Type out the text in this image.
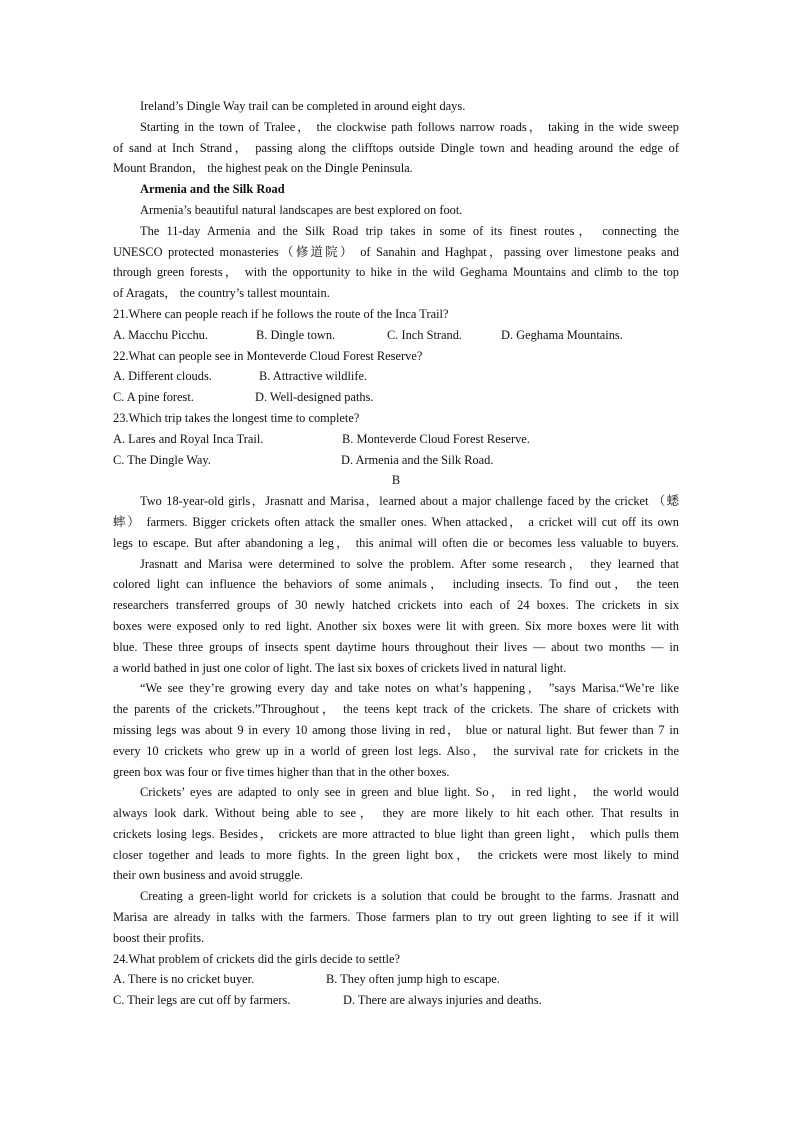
Ireland’s Dingle Way trail can be completed in around eight days.
Starting in the town of Tralee， the clockwise path follows narrow roads， taking in the wide sweep
of sand at Inch Strand， passing along the clifftops outside Dingle town and heading around the edge of
Mount Brandon， the highest peak on the Dingle Peninsula.
Armenia and the Silk Road
Armenia’s beautiful natural landscapes are best explored on foot.
The 11-day Armenia and the Silk Road trip takes in some of its finest routes， connecting the
UNESCO protected monasteries（修道院） of Sanahin and Haghpat，passing over limestone peaks and
through green forests， with the opportunity to hike in the wild Geghama Mountains and climb to the top
of Aragats， the country’s tallest mountain.
21.Where can people reach if he follows the route of the Inca Trail?
A. Macchu Picchu.	B. Dingle town.	C. Inch Strand.	D. Geghama Mountains.
22.What can people see in Monteverde Cloud Forest Reserve?
A. Different clouds.	B. Attractive wildlife.
C. A pine forest.	D. Well-designed paths.
23.Which trip takes the longest time to complete?
A. Lares and Royal Inca Trail.	B. Monteverde Cloud Forest Reserve.
C. The Dingle Way.	D. Armenia and the Silk Road.
B
Two 18-year-old girls，Jrasnatt and Marisa，learned about a major challenge faced by the cricket （蟋
蟀） farmers. Bigger crickets often attack the smaller ones. When attacked， a cricket will cut off its own
legs to escape. But after abandoning a leg， this animal will often die or becomes less valuable to buyers.
Jrasnatt and Marisa were determined to solve the problem. After some research， they learned that
colored light can influence the behaviors of some animals， including insects. To find out， the teen
researchers transferred groups of 30 newly hatched crickets into each of 24 boxes. The crickets in six
boxes were exposed only to red light. Another six boxes were lit with green. Six more boxes were lit with
blue. These three groups of insects spent daytime hours throughout their lives — about two months — in
a world bathed in just one color of light. The last six boxes of crickets lived in natural light.
“We see they’re growing every day and take notes on what’s happening， ”says Marisa.“We’re like
the parents of the crickets.”Throughout， the teens kept track of the crickets. The share of crickets with
missing legs was about 9 in every 10 among those living in red， blue or natural light. But fewer than 7 in
every 10 crickets who grew up in a world of green lost legs. Also， the survival rate for crickets in the
green box was four or five times higher than that in the other boxes.
Crickets’ eyes are adapted to only see in green and blue light. So， in red light， the world would
always look dark. Without being able to see， they are more likely to hit each other. That results in
crickets losing legs. Besides， crickets are more attracted to blue light than green light， which pulls them
closer together and leads to more fights. In the green light box， the crickets were most likely to mind
their own business and avoid struggle.
Creating a green-light world for crickets is a solution that could be brought to the farms. Jrasnatt and
Marisa are already in talks with the farmers. Those farmers plan to try out green lighting to see if it will
boost their profits.
24.What problem of crickets did the girls decide to settle?
A. There is no cricket buyer.	B. They often jump high to escape.
C. Their legs are cut off by farmers.	D. There are always injuries and deaths.
